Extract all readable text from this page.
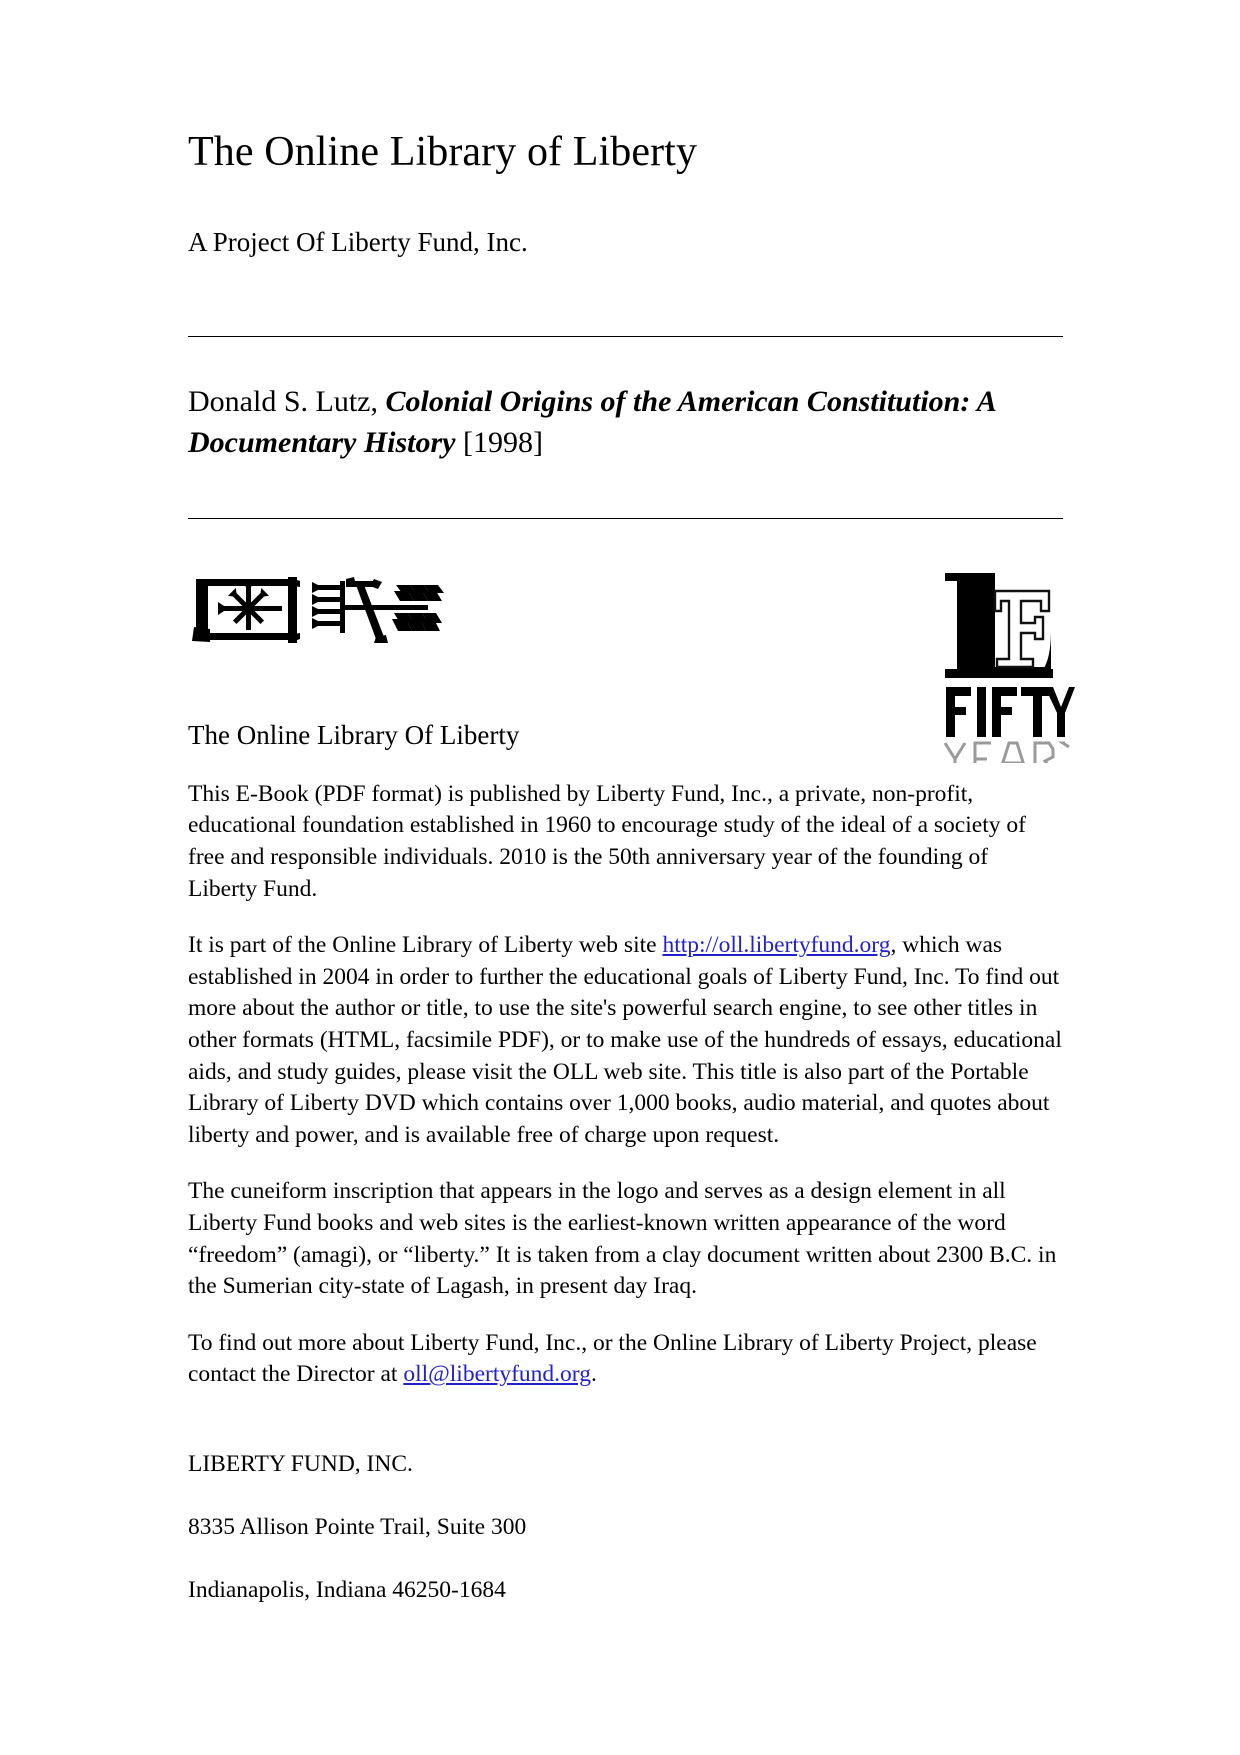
The Online Library of Liberty
A Project Of Liberty Fund, Inc.

Donald S. Lutz, Colonial Origins of the American Constitution: A Documentary History [1998]

The Online Library Of Liberty

This E-Book (PDF format) is published by Liberty Fund, Inc., a private, non-profit, educational foundation established in 1960 to encourage study of the ideal of a society of free and responsible individuals. 2010 is the 50th anniversary year of the founding of Liberty Fund.

It is part of the Online Library of Liberty web site http://oll.libertyfund.org, which was established in 2004 in order to further the educational goals of Liberty Fund, Inc. To find out more about the author or title, to use the site's powerful search engine, to see other titles in other formats (HTML, facsimile PDF), or to make use of the hundreds of essays, educational aids, and study guides, please visit the OLL web site. This title is also part of the Portable Library of Liberty DVD which contains over 1,000 books, audio material, and quotes about liberty and power, and is available free of charge upon request.

The cuneiform inscription that appears in the logo and serves as a design element in all Liberty Fund books and web sites is the earliest-known written appearance of the word “freedom” (amagi), or “liberty.” It is taken from a clay document written about 2300 B.C. in the Sumerian city-state of Lagash, in present day Iraq.

To find out more about Liberty Fund, Inc., or the Online Library of Liberty Project, please contact the Director at oll@libertyfund.org.

LIBERTY FUND, INC.

8335 Allison Pointe Trail, Suite 300

Indianapolis, Indiana 46250-1684
